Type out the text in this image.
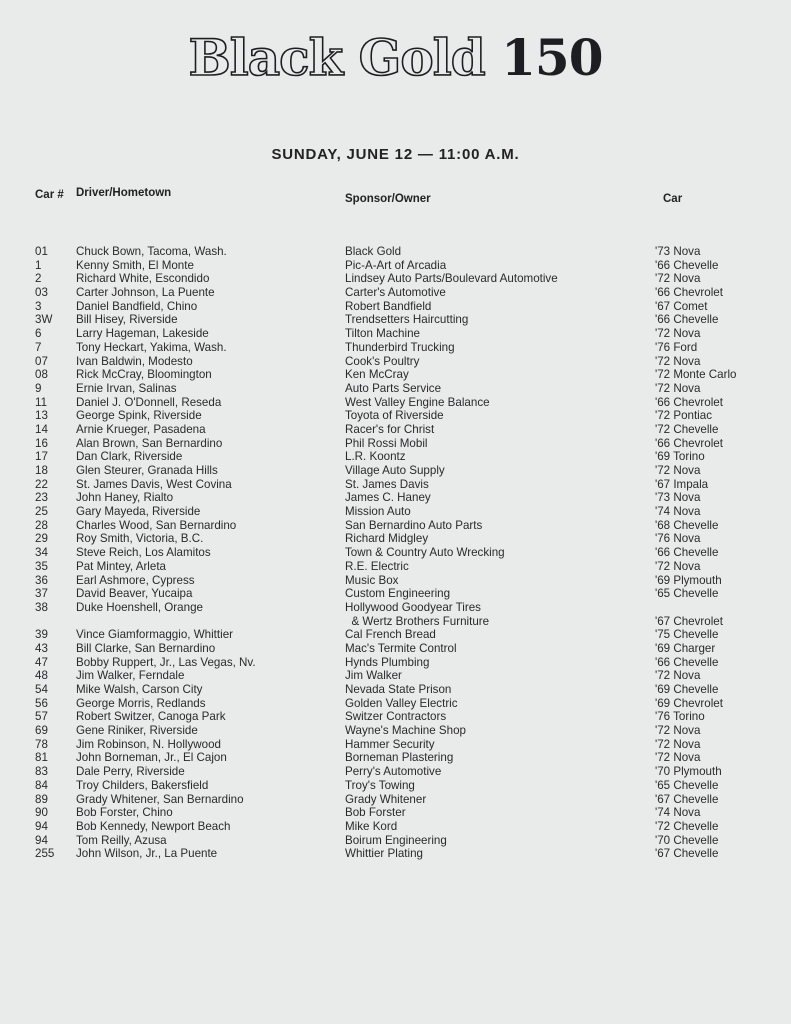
Black Gold 150
SUNDAY, JUNE 12 — 11:00 A.M.
Car # Driver/Hometown	Sponsor/Owner	Car
01 Chuck Bown, Tacoma, Wash.	Black Gold	'73 Nova
1	Kenny Smith, El Monte	Pic-A-Art of Arcadia	'66 Chevelle
2	Richard White, Escondido	Lindsey Auto Parts/Boulevard Automotive	'72 Nova
03 Carter Johnson, La Puente	Carter's Automotive	'66 Chevrolet
3	Daniel Bandfield, Chino	Robert Bandfield	'67 Comet
3W Bill Hisey, Riverside	Trendsetters Haircutting	'66 Chevelle
6	Larry Hageman, Lakeside	Tilton Machine	'72 Nova
7	Tony Heckart, Yakima, Wash.	Thunderbird Trucking	'76 Ford
07 Ivan Baldwin, Modesto	Cook's Poultry	'72 Nova
08 Rick McCray, Bloomington	Ken McCray	'72 Monte Carlo
9	Ernie Irvan, Salinas	Auto Parts Service	'72 Nova
11 Daniel J. O'Donnell, Reseda	West Valley Engine Balance	'66 Chevrolet
13 George Spink, Riverside	Toyota of Riverside	'72 Pontiac
14 Arnie Krueger, Pasadena	Racer's for Christ	'72 Chevelle
16 Alan Brown, San Bernardino	Phil Rossi Mobil	'66 Chevrolet
17 Dan Clark, Riverside	L.R. Koontz	'69 Torino
18 Glen Steurer, Granada Hills	Village Auto Supply	'72 Nova
22 St. James Davis, West Covina	St. James Davis	'67 Impala
23 John Haney, Rialto	James C. Haney	'73 Nova
25 Gary Mayeda, Riverside	Mission Auto	'74 Nova
28 Charles Wood, San Bernardino	San Bernardino Auto Parts	'68 Chevelle
29 Roy Smith, Victoria, B.C.	Richard Midgley	'76 Nova
34 Steve Reich, Los Alamitos	Town & Country Auto Wrecking	'66 Chevelle
35 Pat Mintey, Arleta	R.E. Electric	'72 Nova
36 Earl Ashmore, Cypress	Music Box	'69 Plymouth
37 David Beaver, Yucaipa	Custom Engineering	'65 Chevelle
38 Duke Hoenshell, Orange	Hollywood Goodyear Tires
& Wertz Brothers Furniture	'67 Chevrolet
39 Vince Giamformaggio, Whittier	Cal French Bread	'75 Chevelle
43 Bill Clarke, San Bernardino	Mac's Termite Control	'69 Charger
47 Bobby Ruppert, Jr., Las Vegas, Nv.	Hynds Plumbing	'66 Chevelle
48 Jim Walker, Ferndale	Jim Walker	'72 Nova
54 Mike Walsh, Carson City	Nevada State Prison	'69 Chevelle
56 George Morris, Redlands	Golden Valley Electric	'69 Chevrolet
57 Robert Switzer, Canoga Park	Switzer Contractors	'76 Torino
69 Gene Riniker, Riverside	Wayne's Machine Shop	'72 Nova
78 Jim Robinson, N. Hollywood	Hammer Security	'72 Nova
81 John Borneman, Jr., El Cajon	Borneman Plastering	'72 Nova
83 Dale Perry, Riverside	Perry's Automotive	'70 Plymouth
84 Troy Childers, Bakersfield	Troy's Towing	'65 Chevelle
89 Grady Whitener, San Bernardino	Grady Whitener	'67 Chevelle
90 Bob Forster, Chino	Bob Forster	'74 Nova
94 Bob Kennedy, Newport Beach	Mike Kord	'72 Chevelle
94 Tom Reilly, Azusa	Boirum Engineering	'70 Chevelle
255 John Wilson, Jr., La Puente	Whittier Plating	'67 Chevelle
